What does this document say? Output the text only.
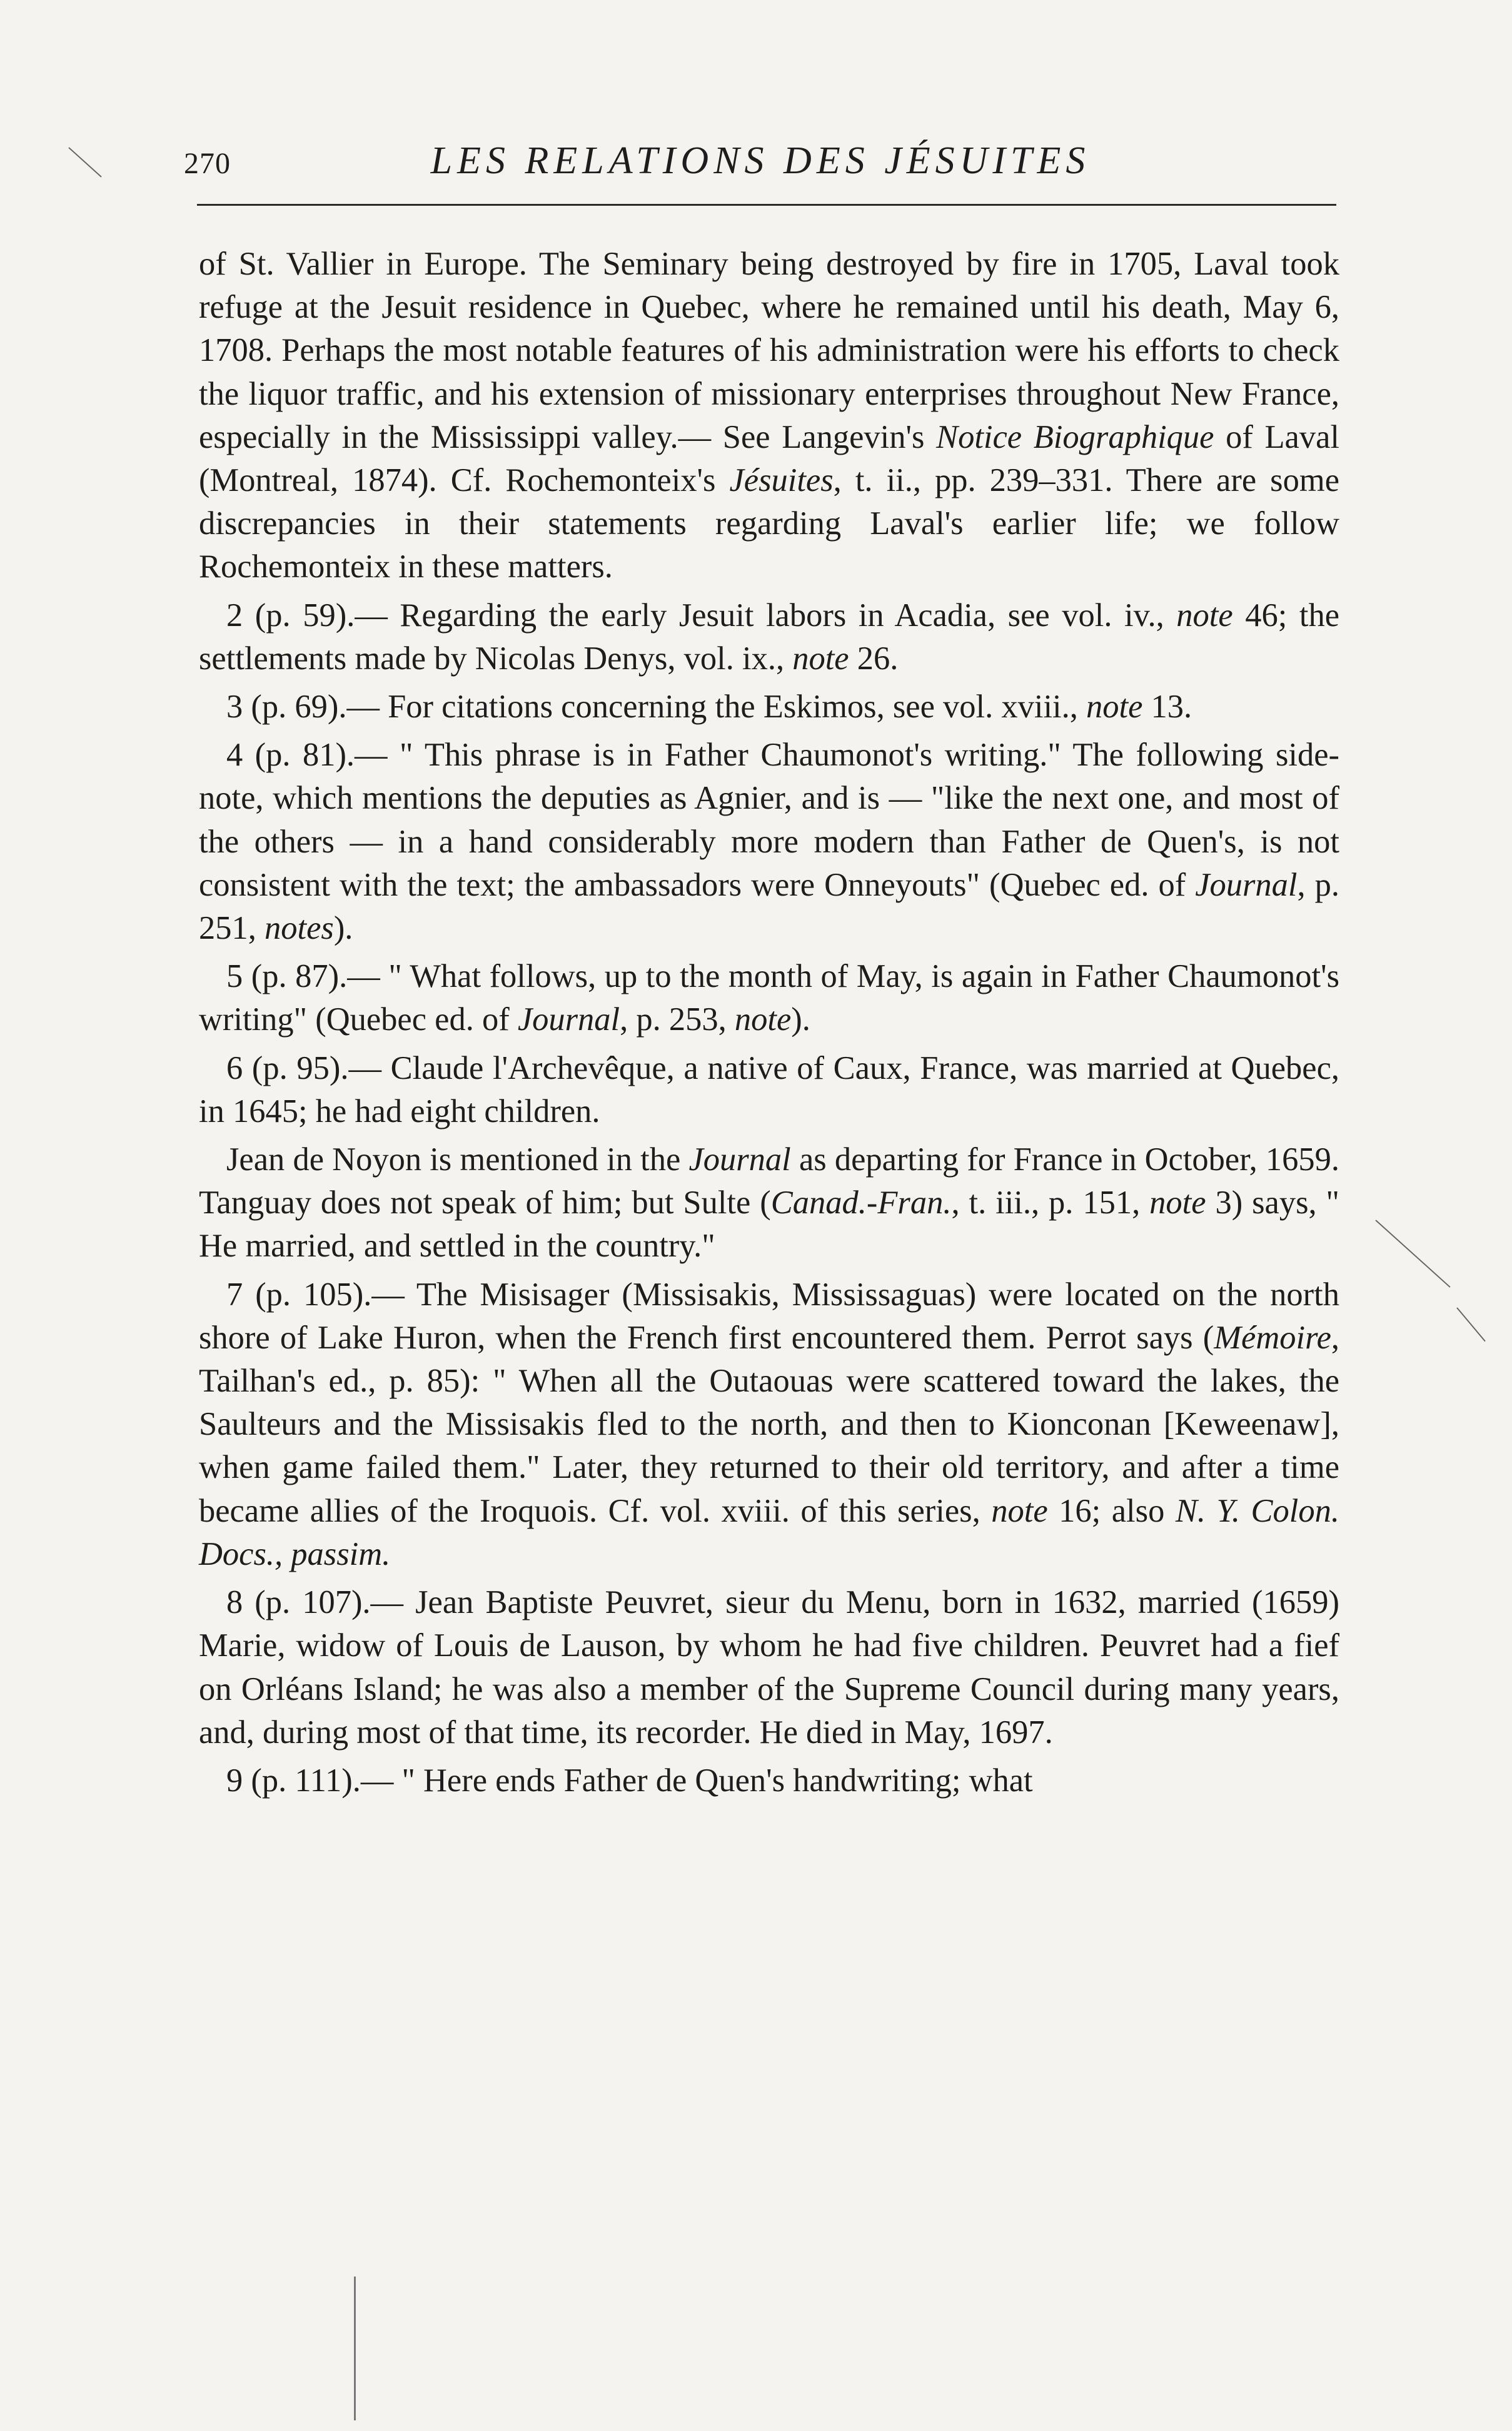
270	LES RELATIONS DES JÉSUITES

of St. Vallier in Europe. The Seminary being destroyed by fire in 1705, Laval took refuge at the Jesuit residence in Quebec, where he remained until his death, May 6, 1708. Perhaps the most notable features of his administration were his efforts to check the liquor traffic, and his extension of missionary enterprises throughout New France, especially in the Mississippi valley.— See Langevin's Notice Biographique of Laval (Montreal, 1874). Cf. Rochemonteix's Jésuites, t. ii., pp. 239–331. There are some discrepancies in their statements regarding Laval's earlier life; we follow Rochemonteix in these matters.

2 (p. 59).— Regarding the early Jesuit labors in Acadia, see vol. iv., note 46; the settlements made by Nicolas Denys, vol. ix., note 26.

3 (p. 69).— For citations concerning the Eskimos, see vol. xviii., note 13.

4 (p. 81).— " This phrase is in Father Chaumonot's writing." The following side-note, which mentions the deputies as Agnier, and is — "like the next one, and most of the others — in a hand considerably more modern than Father de Quen's, is not consistent with the text; the ambassadors were Onneyouts" (Quebec ed. of Journal, p. 251, notes).

5 (p. 87).— " What follows, up to the month of May, is again in Father Chaumonot's writing" (Quebec ed. of Journal, p. 253, note).

6 (p. 95).— Claude l'Archevêque, a native of Caux, France, was married at Quebec, in 1645; he had eight children.

Jean de Noyon is mentioned in the Journal as departing for France in October, 1659. Tanguay does not speak of him; but Sulte (Canad.-Fran., t. iii., p. 151, note 3) says, " He married, and settled in the country."

7 (p. 105).— The Misisager (Missisakis, Mississaguas) were located on the north shore of Lake Huron, when the French first encountered them. Perrot says (Mémoire, Tailhan's ed., p. 85): " When all the Outaouas were scattered toward the lakes, the Saulteurs and the Missisakis fled to the north, and then to Kionconan [Keweenaw], when game failed them." Later, they returned to their old territory, and after a time became allies of the Iroquois. Cf. vol. xviii. of this series, note 16; also N. Y. Colon. Docs., passim.

8 (p. 107).— Jean Baptiste Peuvret, sieur du Menu, born in 1632, married (1659) Marie, widow of Louis de Lauson, by whom he had five children. Peuvret had a fief on Orléans Island; he was also a member of the Supreme Council during many years, and, during most of that time, its recorder. He died in May, 1697.

9 (p. 111).— " Here ends Father de Quen's handwriting; what
